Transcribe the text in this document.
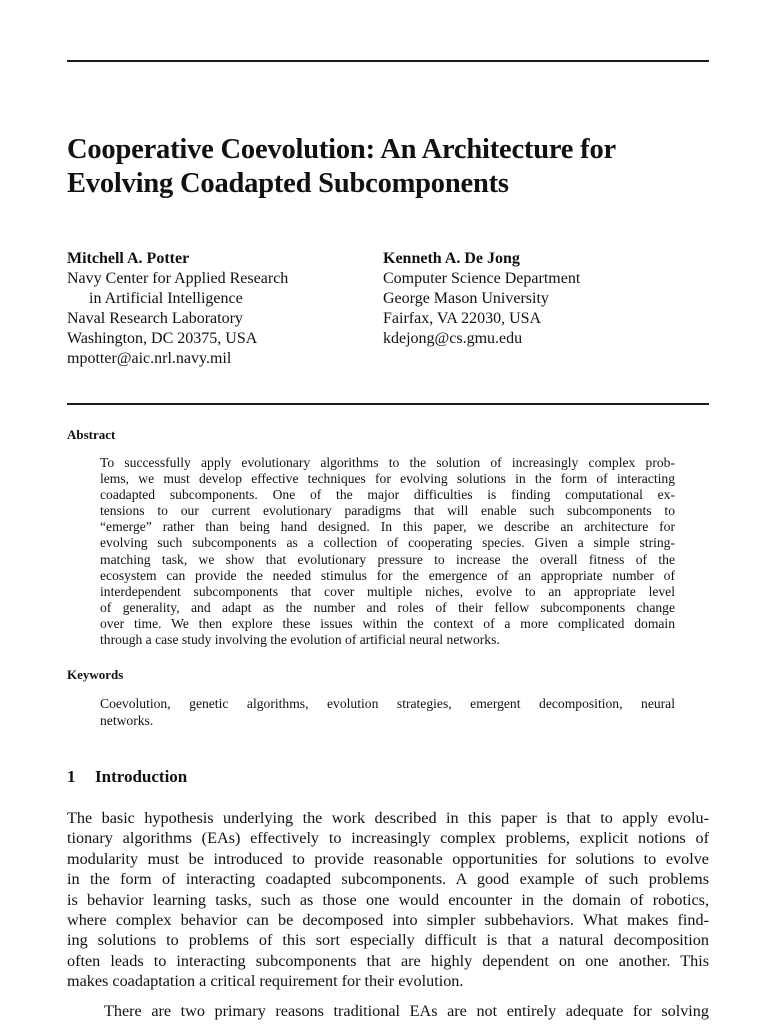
Cooperative Coevolution: An Architecture for
Evolving Coadapted Subcomponents
Mitchell A. Potter
Navy Center for Applied Research
in Artificial Intelligence
Naval Research Laboratory
Washington, DC 20375, USA
mpotter@aic.nrl.navy.mil
Kenneth A. De Jong
Computer Science Department
George Mason University
Fairfax, VA 22030, USA
kdejong@cs.gmu.edu
Abstract
To successfully apply evolutionary algorithms to the solution of increasingly complex prob-
lems, we must develop effective techniques for evolving solutions in the form of interacting
coadapted subcomponents. One of the major difficulties is finding computational ex-
tensions to our current evolutionary paradigms that will enable such subcomponents to
“emerge” rather than being hand designed. In this paper, we describe an architecture for
evolving such subcomponents as a collection of cooperating species. Given a simple string-
matching task, we show that evolutionary pressure to increase the overall fitness of the
ecosystem can provide the needed stimulus for the emergence of an appropriate number of
interdependent subcomponents that cover multiple niches, evolve to an appropriate level
of generality, and adapt as the number and roles of their fellow subcomponents change
over time. We then explore these issues within the context of a more complicated domain
through a case study involving the evolution of artificial neural networks.
Keywords
Coevolution, genetic algorithms, evolution strategies, emergent decomposition, neural
networks.
1 Introduction
The basic hypothesis underlying the work described in this paper is that to apply evolu-
tionary algorithms (EAs) effectively to increasingly complex problems, explicit notions of
modularity must be introduced to provide reasonable opportunities for solutions to evolve
in the form of interacting coadapted subcomponents. A good example of such problems
is behavior learning tasks, such as those one would encounter in the domain of robotics,
where complex behavior can be decomposed into simpler subbehaviors. What makes find-
ing solutions to problems of this sort especially difficult is that a natural decomposition
often leads to interacting subcomponents that are highly dependent on one another. This
makes coadaptation a critical requirement for their evolution.
There are two primary reasons traditional EAs are not entirely adequate for solving
